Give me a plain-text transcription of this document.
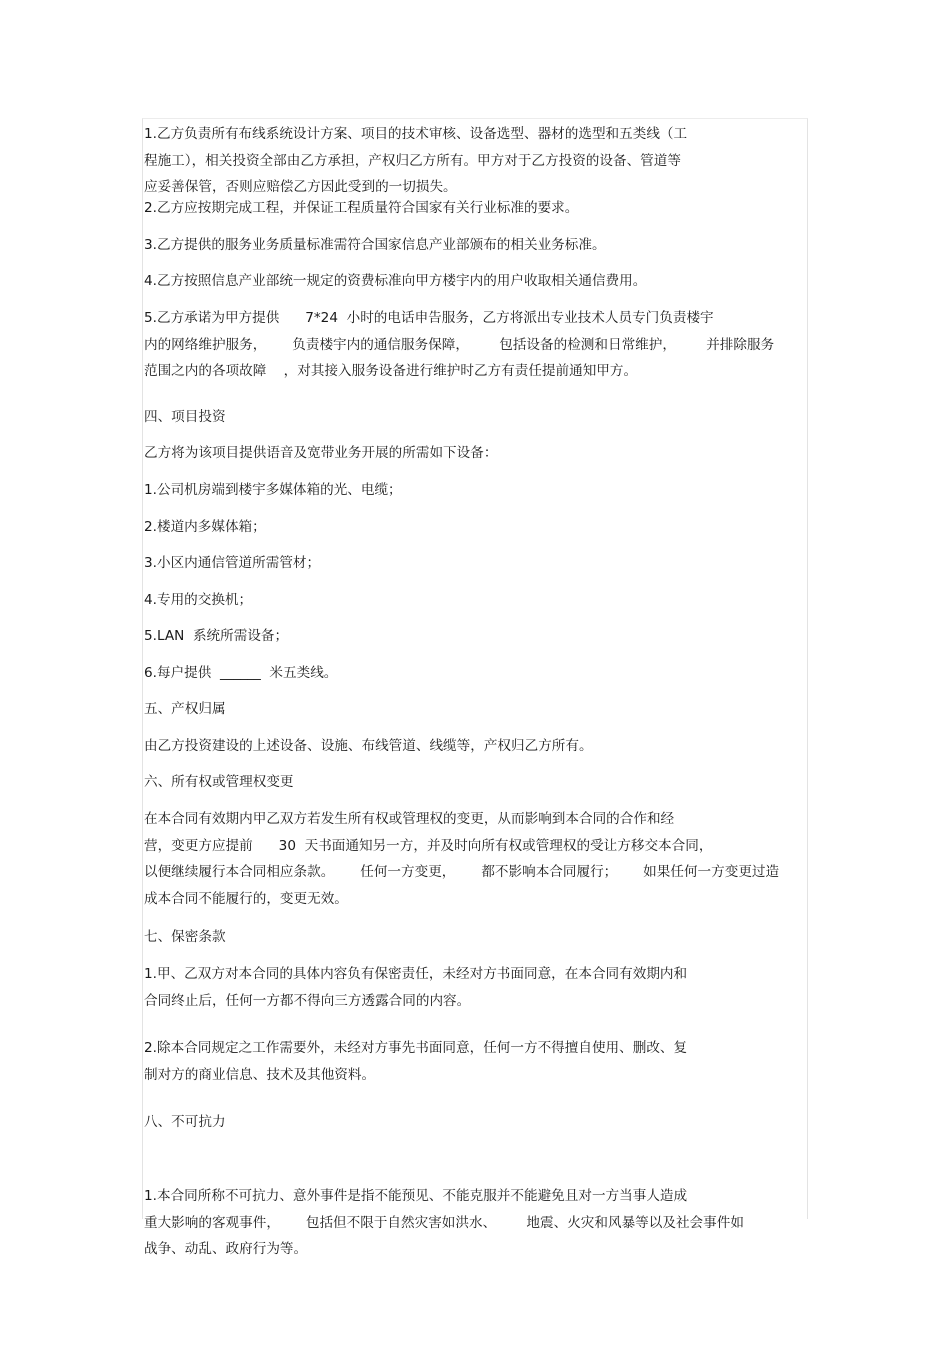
1.乙方负责所有布线系统设计方案、项目的技术审核、设备选型、器材的选型和五类线（工
程施工），相关投资全部由乙方承担，产权归乙方所有。甲方对于乙方投资的设备、管道等
应妥善保管，否则应赔偿乙方因此受到的一切损失。
2.乙方应按期完成工程，并保证工程质量符合国家有关行业标准的要求。
3.乙方提供的服务业务质量标准需符合国家信息产业部颁布的相关业务标准。
4.乙方按照信息产业部统一规定的资费标准向甲方楼宇内的用户收取相关通信费用。
5.乙方承诺为甲方提供      7*24  小时的电话申告服务，乙方将派出专业技术人员专门负责楼宇
内的网络维护服务，      负责楼宇内的通信服务保障，       包括设备的检测和日常维护，       并排除服务
范围之内的各项故障    ，对其接入服务设备进行维护时乙方有责任提前通知甲方。
四、项目投资
乙方将为该项目提供语音及宽带业务开展的所需如下设备：
1.公司机房端到楼宇多媒体箱的光、电缆；
2.楼道内多媒体箱；
3.小区内通信管道所需管材；
4.专用的交换机；
5.LAN  系统所需设备；
6.每户提供  ______  米五类线。
五、产权归属
由乙方投资建设的上述设备、设施、布线管道、线缆等，产权归乙方所有。
六、所有权或管理权变更
在本合同有效期内甲乙双方若发生所有权或管理权的变更，从而影响到本合同的合作和经
营，变更方应提前      30  天书面通知另一方，并及时向所有权或管理权的受让方移交本合同，
以便继续履行本合同相应条款。      任何一方变更，      都不影响本合同履行；      如果任何一方变更过造
成本合同不能履行的，变更无效。
七、保密条款
1.甲、乙双方对本合同的具体内容负有保密责任，未经对方书面同意，在本合同有效期内和
合同终止后，任何一方都不得向三方透露合同的内容。
2.除本合同规定之工作需要外，未经对方事先书面同意，任何一方不得擅自使用、删改、复
制对方的商业信息、技术及其他资料。
八、不可抗力
1.本合同所称不可抗力、意外事件是指不能预见、不能克服并不能避免且对一方当事人造成
重大影响的客观事件，      包括但不限于自然灾害如洪水、       地震、火灾和风暴等以及社会事件如
战争、动乱、政府行为等。
